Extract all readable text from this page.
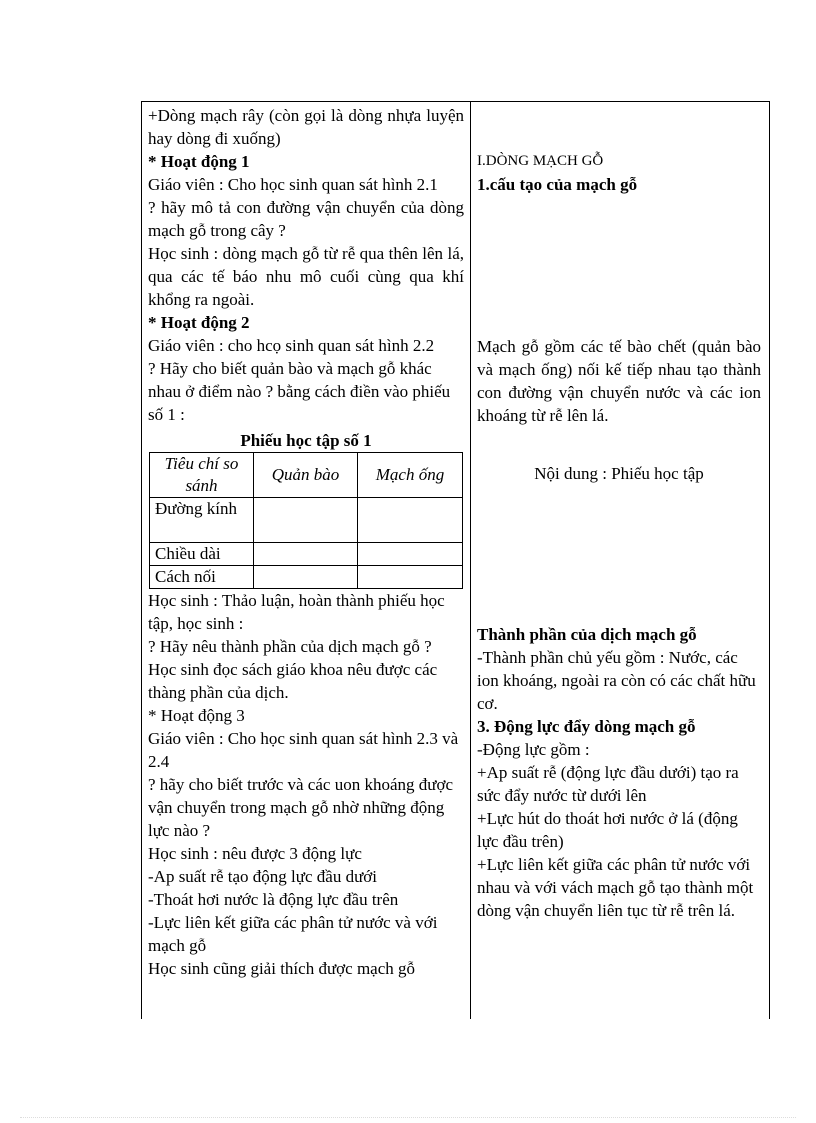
+Dòng mạch rây (còn gọi là dòng nhựa luyện hay dòng đi xuống)

* Hoạt động 1

Giáo viên : Cho học sinh quan sát hình 2.1

? hãy mô tả con đường vận chuyển của dòng mạch gỗ trong cây ?

Học sinh : dòng mạch gỗ từ rễ qua thên lên lá, qua các tế báo nhu mô cuối cùng qua khí khổng ra ngoài.

* Hoạt động 2

Giáo viên : cho hcọ sinh quan sát hình 2.2

? Hãy cho biết quản bào và mạch gỗ khác nhau ở điểm nào ? bằng cách điền vào phiếu số 1 :

Phiếu học tập số 1

Tiêu chí so sánh	Quản bào	Mạch ống
Đường kính		
Chiều dài		
Cách nối		

Học sinh : Thảo luận, hoàn thành phiếu học tập, học sinh :

? Hãy nêu thành phần của dịch mạch gỗ ?

Học sinh đọc sách giáo khoa nêu được các thàng phần của dịch.

* Hoạt động 3

Giáo viên : Cho học sinh quan sát hình 2.3 và 2.4

? hãy cho biết trước và các uon khoáng được vận chuyển trong mạch gỗ nhờ những động lực nào ?

Học sinh : nêu được 3 động lực

-Ap suất rễ tạo động lực đầu dưới

-Thoát hơi nước là động lực đầu trên

-Lực liên kết giữa các phân tử nước và với mạch gỗ

Học sinh cũng giải thích được mạch gỗ

I.DÒNG MẠCH GỖ

1.cấu tạo của mạch gỗ

Mạch gỗ gồm các tế bào chết (quản bào và mạch ống) nối kế tiếp nhau tạo thành con đường vận chuyển nước và các ion khoáng từ rễ lên lá.

Nội dung : Phiếu học tập

Thành phần của dịch mạch gỗ

-Thành phần chủ yếu gồm : Nước, các ion khoáng, ngoài ra còn có các chất hữu cơ.

3. Động lực đẩy dòng mạch gỗ

-Động lực gồm :

+Ap suất rễ (động lực đầu dưới) tạo ra sức đẩy nước từ dưới lên

+Lực hút do thoát hơi nước ở lá (động lực đầu trên)

+Lực liên kết giữa các phân tử nước với nhau và với vách mạch gỗ tạo thành một dòng vận chuyển liên tục từ rễ trên lá.
